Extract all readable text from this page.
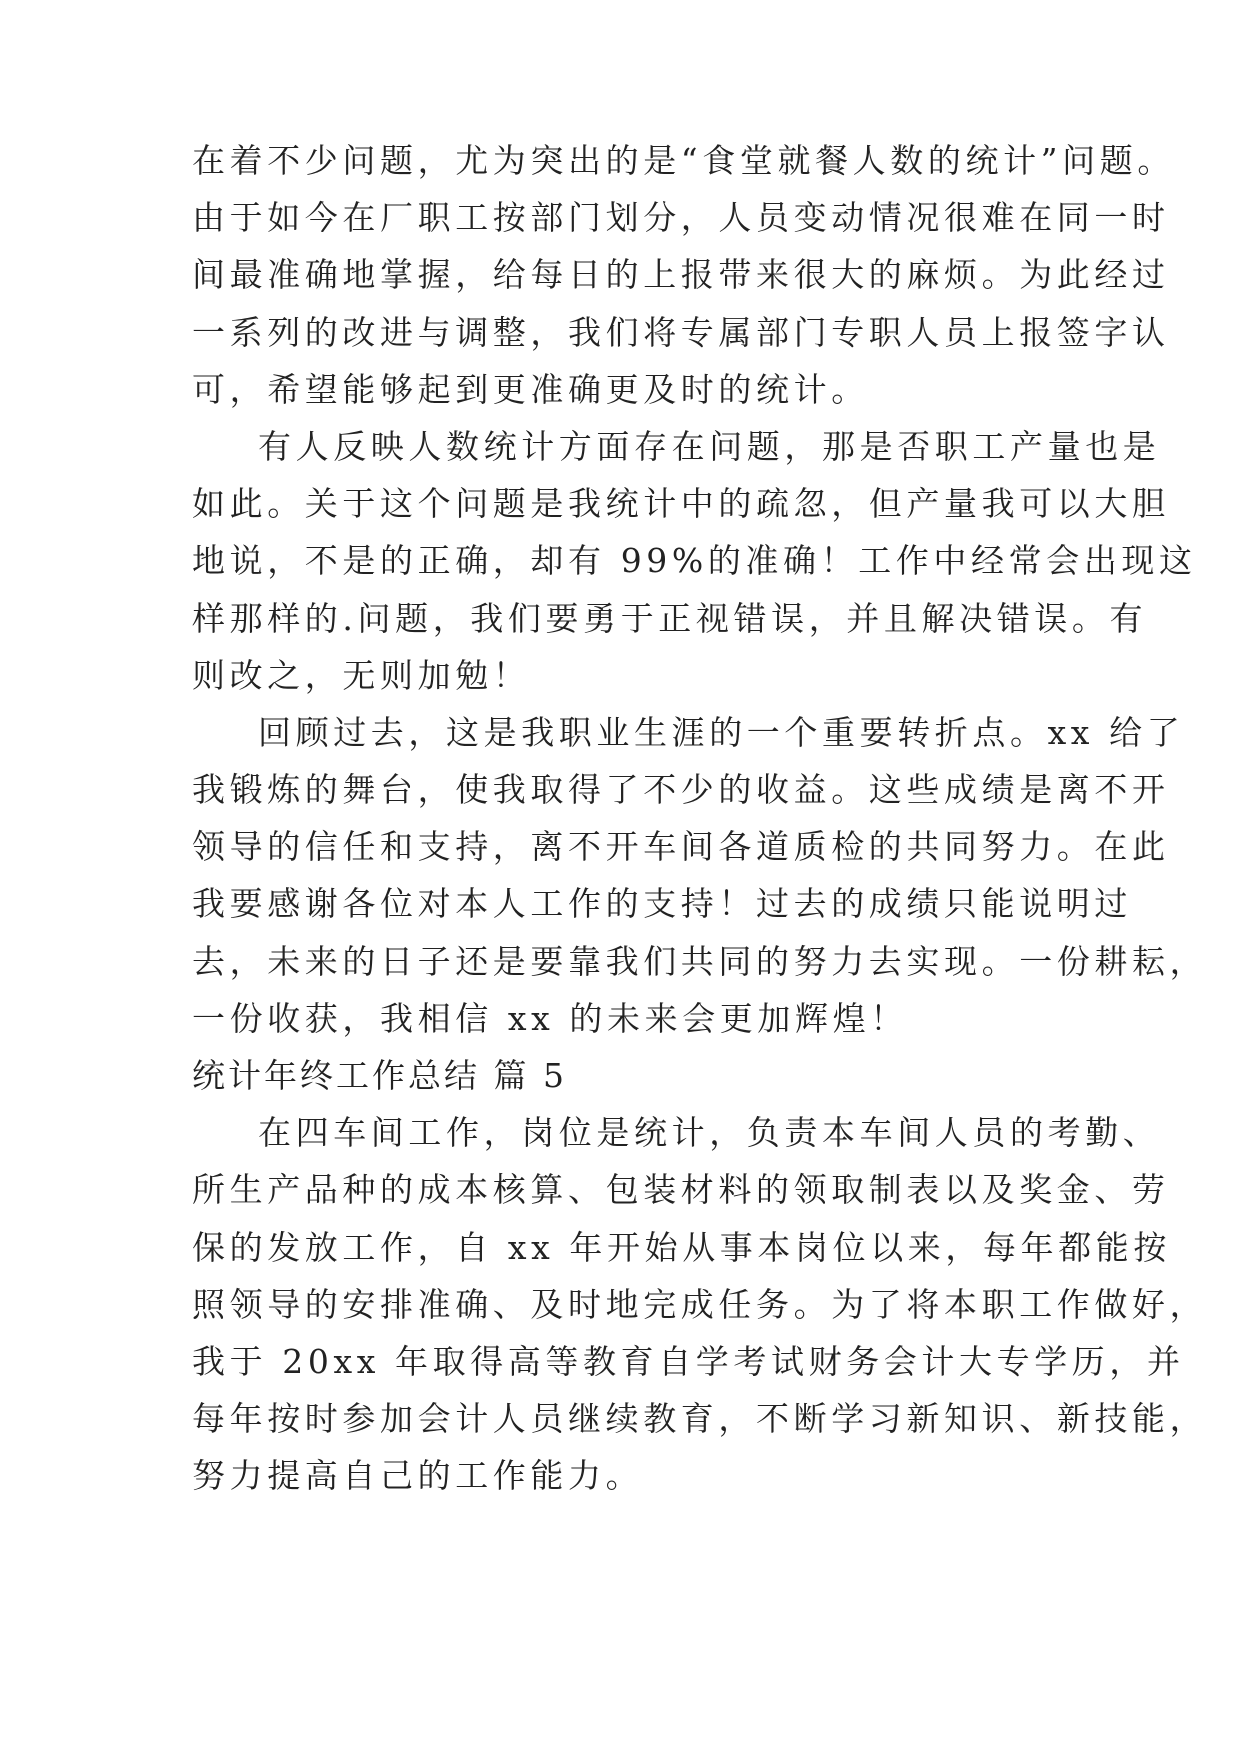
在着不少问题，尤为突出的是“食堂就餐人数的统计”问题。
由于如今在厂职工按部门划分，人员变动情况很难在同一时
间最准确地掌握，给每日的上报带来很大的麻烦。为此经过
一系列的改进与调整，我们将专属部门专职人员上报签字认
可，希望能够起到更准确更及时的统计。
有人反映人数统计方面存在问题，那是否职工产量也是
如此。关于这个问题是我统计中的疏忽，但产量我可以大胆
地说，不是的正确，却有 99%的准确！工作中经常会出现这
样那样的.问题，我们要勇于正视错误，并且解决错误。有
则改之，无则加勉！
回顾过去，这是我职业生涯的一个重要转折点。xx 给了
我锻炼的舞台，使我取得了不少的收益。这些成绩是离不开
领导的信任和支持，离不开车间各道质检的共同努力。在此
我要感谢各位对本人工作的支持！过去的成绩只能说明过
去，未来的日子还是要靠我们共同的努力去实现。一份耕耘，
一份收获，我相信 xx 的未来会更加辉煌！
统计年终工作总结 篇 5
在四车间工作，岗位是统计，负责本车间人员的考勤、
所生产品种的成本核算、包装材料的领取制表以及奖金、劳
保的发放工作，自 xx 年开始从事本岗位以来，每年都能按
照领导的安排准确、及时地完成任务。为了将本职工作做好，
我于 20xx 年取得高等教育自学考试财务会计大专学历，并
每年按时参加会计人员继续教育，不断学习新知识、新技能，
努力提高自己的工作能力。
